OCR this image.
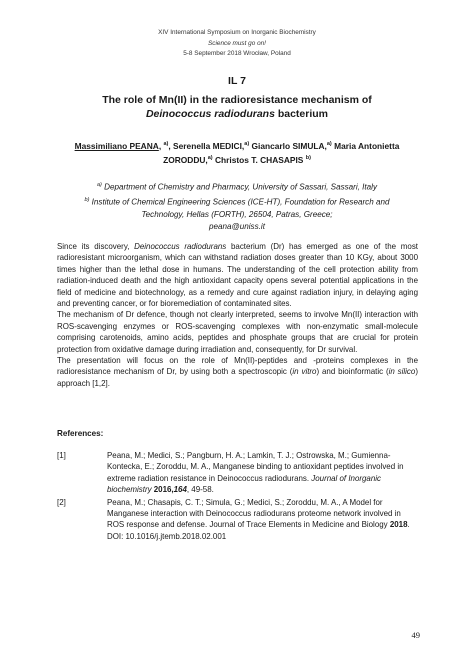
XIV International Symposium on Inorganic Biochemistry
Science must go on!
5-8 September 2018 Wrocław, Poland
IL 7
The role of Mn(II) in the radioresistance mechanism of Deinococcus radiodurans bacterium
Massimiliano PEANA, $^{a)}$, Serenella MEDICI,$^{a)}$ Giancarlo SIMULA,$^{a)}$ Maria Antonietta ZORODDU,$^{a)}$ Christos T. CHASAPIS $^{b)}$
$^{a)}$ Department of Chemistry and Pharmacy, University of Sassari, Sassari, Italy
$^{b)}$ Institute of Chemical Engineering Sciences (ICE-HT), Foundation for Research and Technology, Hellas (FORTH), 26504, Patras, Greece;
peana@uniss.it

Since its discovery, Deinococcus radiodurans bacterium (Dr) has emerged as one of the most radioresistant microorganism, which can withstand radiation doses greater than 10 KGy, about 3000 times higher than the lethal dose in humans. The understanding of the cell protection ability from radiation-induced death and the high antioxidant capacity opens several potential applications in the field of medicine and biotechnology, as a remedy and cure against radiation injury, in delaying aging and preventing cancer, or for bioremediation of contaminated sites.

The mechanism of Dr defence, though not clearly interpreted, seems to involve Mn(II) interaction with ROS-scavenging enzymes or ROS-scavenging complexes with non-enzymatic small-molecule comprising carotenoids, amino acids, peptides and phosphate groups that are crucial for protein protection from oxidative damage during irradiation and, consequently, for Dr survival.

The presentation will focus on the role of Mn(II)-peptides and -proteins complexes in the radioresistance mechanism of Dr, by using both a spectroscopic (in vitro) and bioinformatic (in silico) approach [1,2].

References:
[1]	Peana, M.; Medici, S.; Pangburn, H. A.; Lamkin, T. J.; Ostrowska, M.; Gumienna-Kontecka, E.; Zoroddu, M. A., Manganese binding to antioxidant peptides involved in extreme radiation resistance in Deinococcus radiodurans. Journal of Inorganic biochemistry 2016,164, 49-58.
[2]	Peana, M.; Chasapis, C. T.; Simula, G.; Medici, S.; Zoroddu, M. A., A Model for Manganese interaction with Deinococcus radiodurans proteome network involved in ROS response and defense. Journal of Trace Elements in Medicine and Biology 2018. DOI: 10.1016/j.jtemb.2018.02.001
49
